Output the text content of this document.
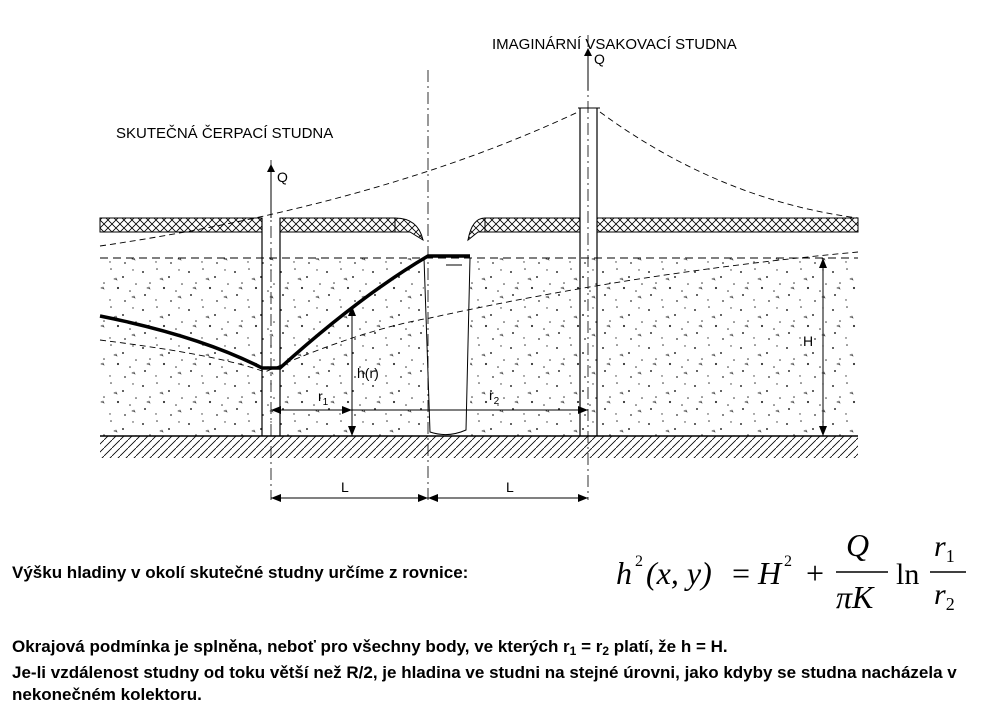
IMAGINÁRNÍ VSAKOVACÍ STUDNA
SKUTEČNÁ ČERPACÍ STUDNA
Q
Q
h(r)
$r_1$	$r_2$
H
L	L
h 2 (x, y) = H 2 +
Q
πK
ln
$r_1$
$r_2$
Výšku hladiny v okolí skutečné studny určíme z rovnice:
Okrajová podmínka je splněna, neboť pro všechny body, ve kterých $r_1 = r_2$ platí, že h = H.
Je-li vzdálenost studny od toku větší než R/2, je hladina ve studni na stejné úrovni, jako kdyby se studna nacházela v nekonečném kolektoru.
